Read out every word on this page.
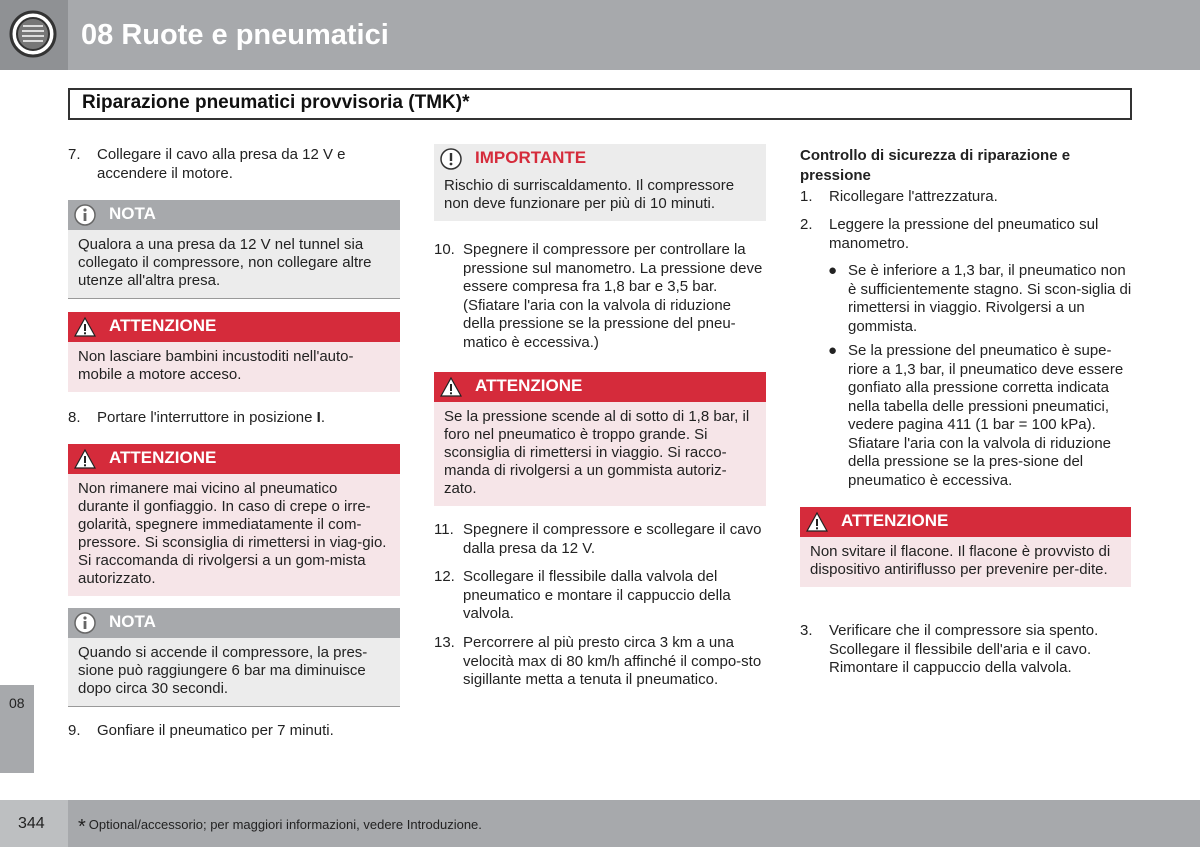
08 Ruote e pneumatici
Riparazione pneumatici provvisoria (TMK)*
7.	Collegare il cavo alla presa da 12 V e accendere il motore.
NOTA
Qualora a una presa da 12 V nel tunnel sia collegato il compressore, non collegare altre utenze all'altra presa.
ATTENZIONE
Non lasciare bambini incustoditi nell'auto-mobile a motore acceso.
8.	Portare l'interruttore in posizione I.
ATTENZIONE
Non rimanere mai vicino al pneumatico durante il gonfiaggio. In caso di crepe o irre-golarità, spegnere immediatamente il com-pressore. Si sconsiglia di rimettersi in viag-gio. Si raccomanda di rivolgersi a un gom-mista autorizzato.
NOTA
Quando si accende il compressore, la pres-sione può raggiungere 6 bar ma diminuisce dopo circa 30 secondi.
9.	Gonfiare il pneumatico per 7 minuti.
IMPORTANTE
Rischio di surriscaldamento. Il compressore non deve funzionare per più di 10 minuti.
10. Spegnere il compressore per controllare la pressione sul manometro. La pressione deve essere compresa fra 1,8 bar e 3,5 bar. (Sfiatare l'aria con la valvola di riduzione della pressione se la pressione del pneu-matico è eccessiva.)
ATTENZIONE
Se la pressione scende al di sotto di 1,8 bar, il foro nel pneumatico è troppo grande. Si sconsiglia di rimettersi in viaggio. Si racco-manda di rivolgersi a un gommista autoriz-zato.
11. Spegnere il compressore e scollegare il cavo dalla presa da 12 V.
12. Scollegare il flessibile dalla valvola del pneumatico e montare il cappuccio della valvola.
13. Percorrere al più presto circa 3 km a una velocità max di 80 km/h affinché il compo-sto sigillante metta a tenuta il pneumatico.
Controllo di sicurezza di riparazione e pressione
1.	Ricollegare l'attrezzatura.
2.	Leggere la pressione del pneumatico sul manometro.
● Se è inferiore a 1,3 bar, il pneumatico non è sufficientemente stagno. Si scon-siglia di rimettersi in viaggio. Rivolgersi a un gommista.
● Se la pressione del pneumatico è supe-riore a 1,3 bar, il pneumatico deve essere gonfiato alla pressione corretta indicata nella tabella delle pressioni pneumatici, vedere pagina 411 (1 bar = 100 kPa). Sfiatare l'aria con la valvola di riduzione della pressione se la pres-sione del pneumatico è eccessiva.
ATTENZIONE
Non svitare il flacone. Il flacone è provvisto di dispositivo antiriflusso per prevenire per-dite.
3.	Verificare che il compressore sia spento. Scollegare il flessibile dell'aria e il cavo. Rimontare il cappuccio della valvola.
08
344 * Optional/accessorio; per maggiori informazioni, vedere Introduzione.
